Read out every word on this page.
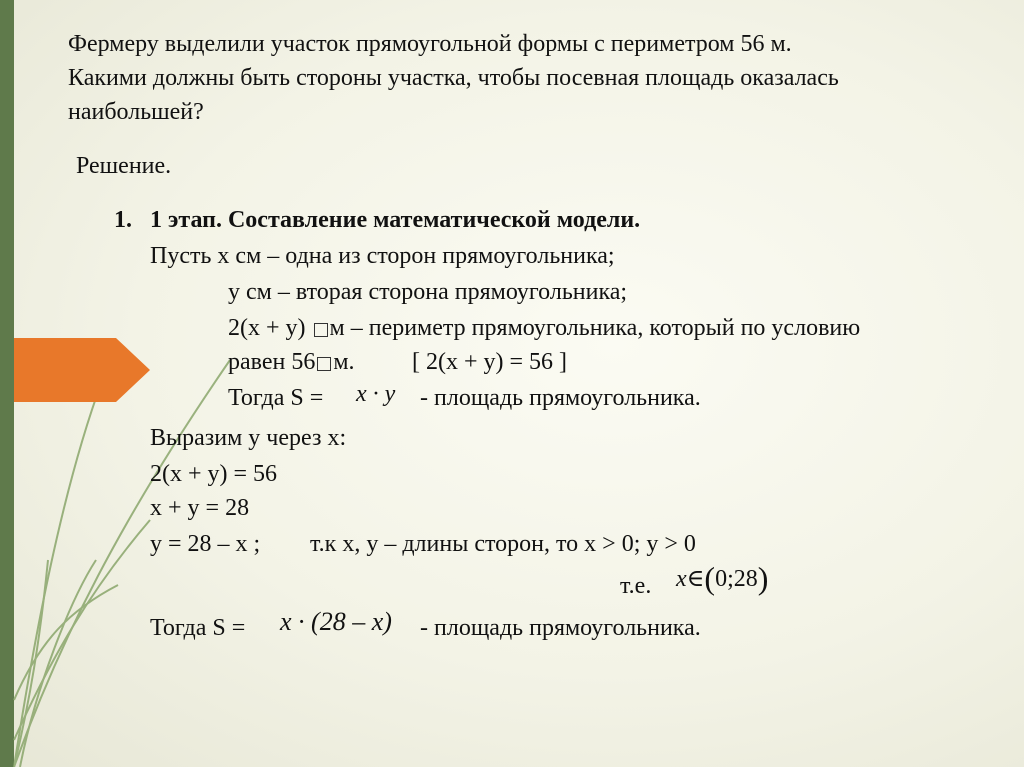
Фермеру выделили участок прямоугольной формы с периметром 56 м.
Какими должны быть стороны участка, чтобы посевная площадь оказалась
наибольшей?
Решение.
1. 1 этап. Составление математической модели.
Пусть x см – одна из сторон прямоугольника;
y см – вторая сторона прямоугольника;
2(x + y) м – периметр прямоугольника, который по условию
равен 56 м. [ 2(x + y) = 56 ]
Тогда S = x · y - площадь прямоугольника.
Выразим y через x:
2(x + y) = 56
x + y = 28
y = 28 – x ; т.к x, y – длины сторон, то x > 0; y > 0
т.е. x∈(0;28)
Тогда S = x · (28 – x) - площадь прямоугольника.
